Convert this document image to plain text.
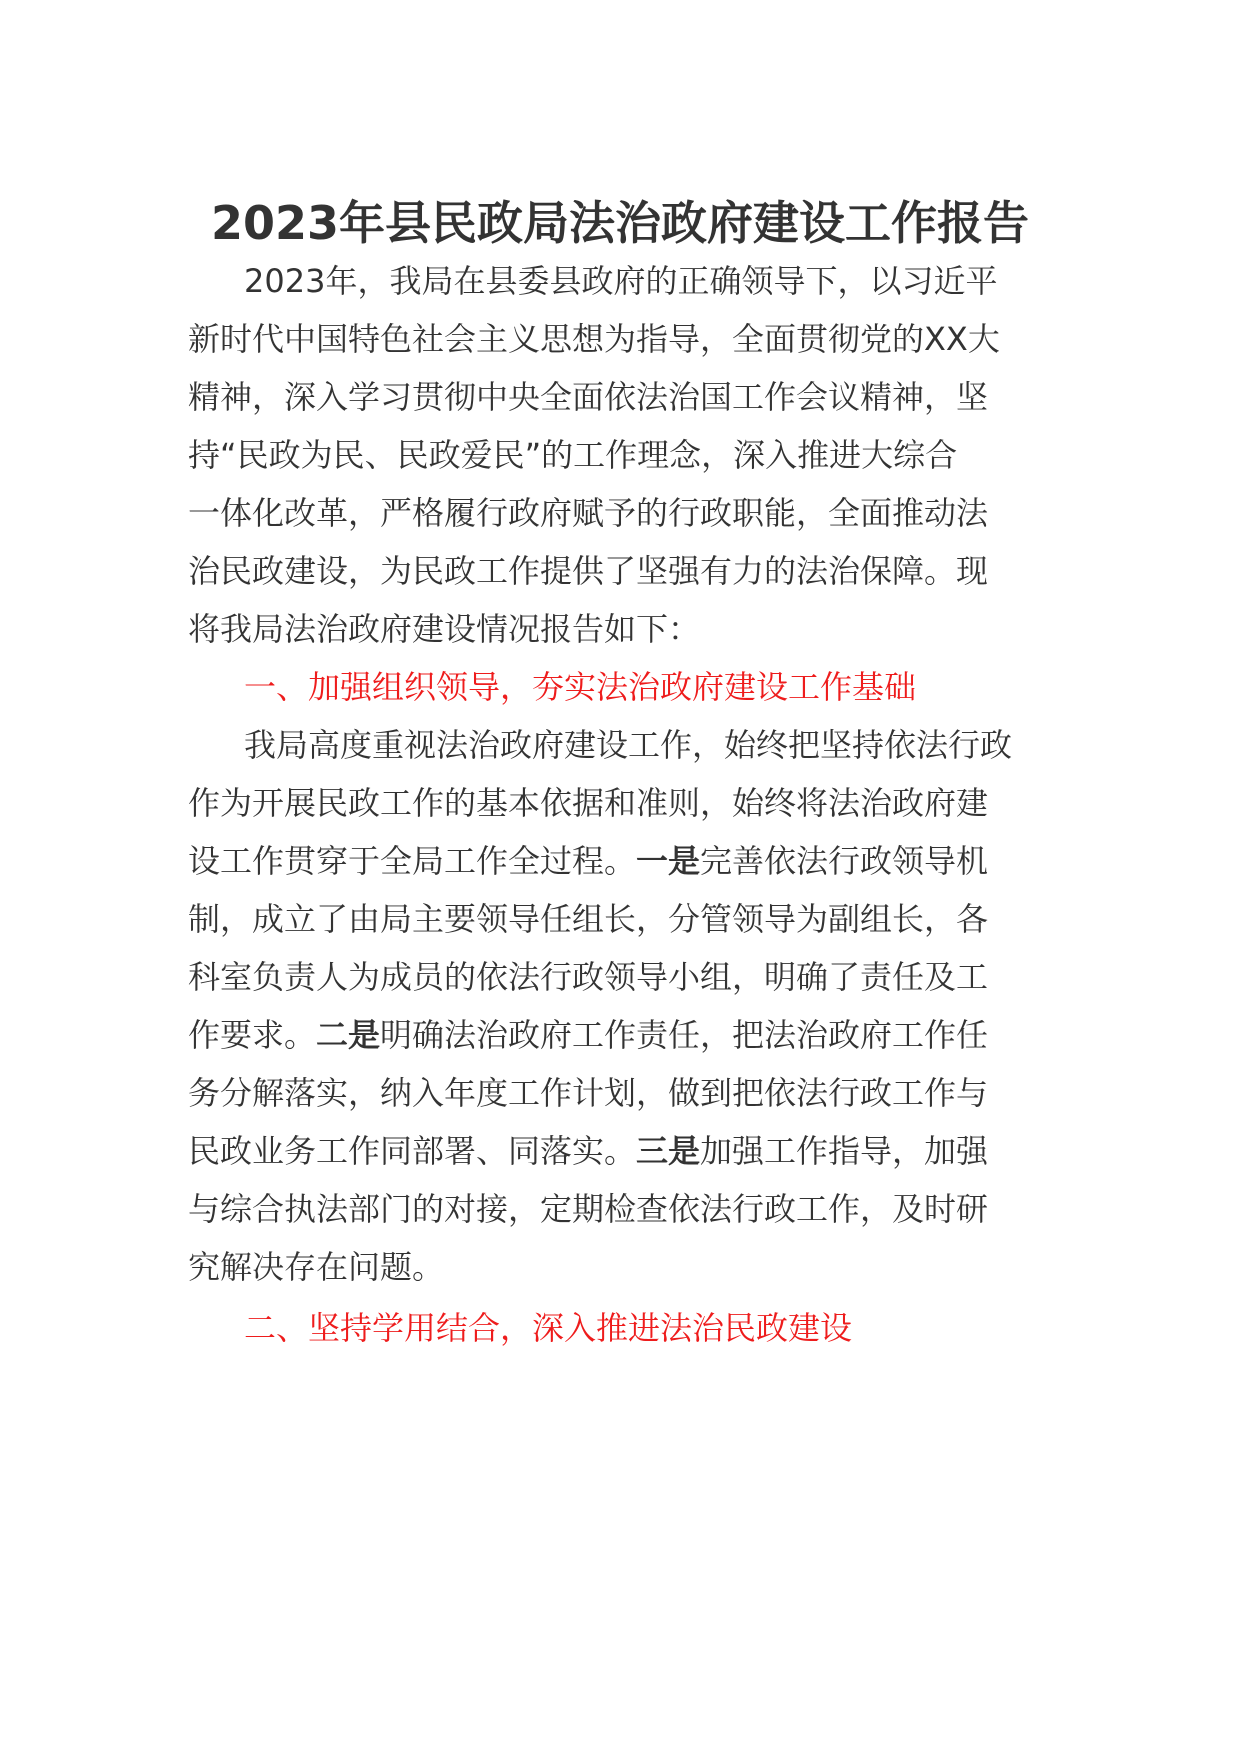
2023年县民政局法治政府建设工作报告

2023年，我局在县委县政府的正确领导下，以习近平

新时代中国特色社会主义思想为指导，全面贯彻党的XX大

精神，深入学习贯彻中央全面依法治国工作会议精神，坚

持“民政为民、民政爱民”的工作理念，深入推进大综合

一体化改革，严格履行政府赋予的行政职能，全面推动法

治民政建设，为民政工作提供了坚强有力的法治保障。现

将我局法治政府建设情况报告如下：

一、加强组织领导，夯实法治政府建设工作基础

我局高度重视法治政府建设工作，始终把坚持依法行政

作为开展民政工作的基本依据和准则，始终将法治政府建

设工作贯穿于全局工作全过程。一是完善依法行政领导机

制，成立了由局主要领导任组长，分管领导为副组长，各

科室负责人为成员的依法行政领导小组，明确了责任及工

作要求。二是明确法治政府工作责任，把法治政府工作任

务分解落实，纳入年度工作计划，做到把依法行政工作与

民政业务工作同部署、同落实。三是加强工作指导，加强

与综合执法部门的对接，定期检查依法行政工作，及时研

究解决存在问题。

二、坚持学用结合，深入推进法治民政建设
